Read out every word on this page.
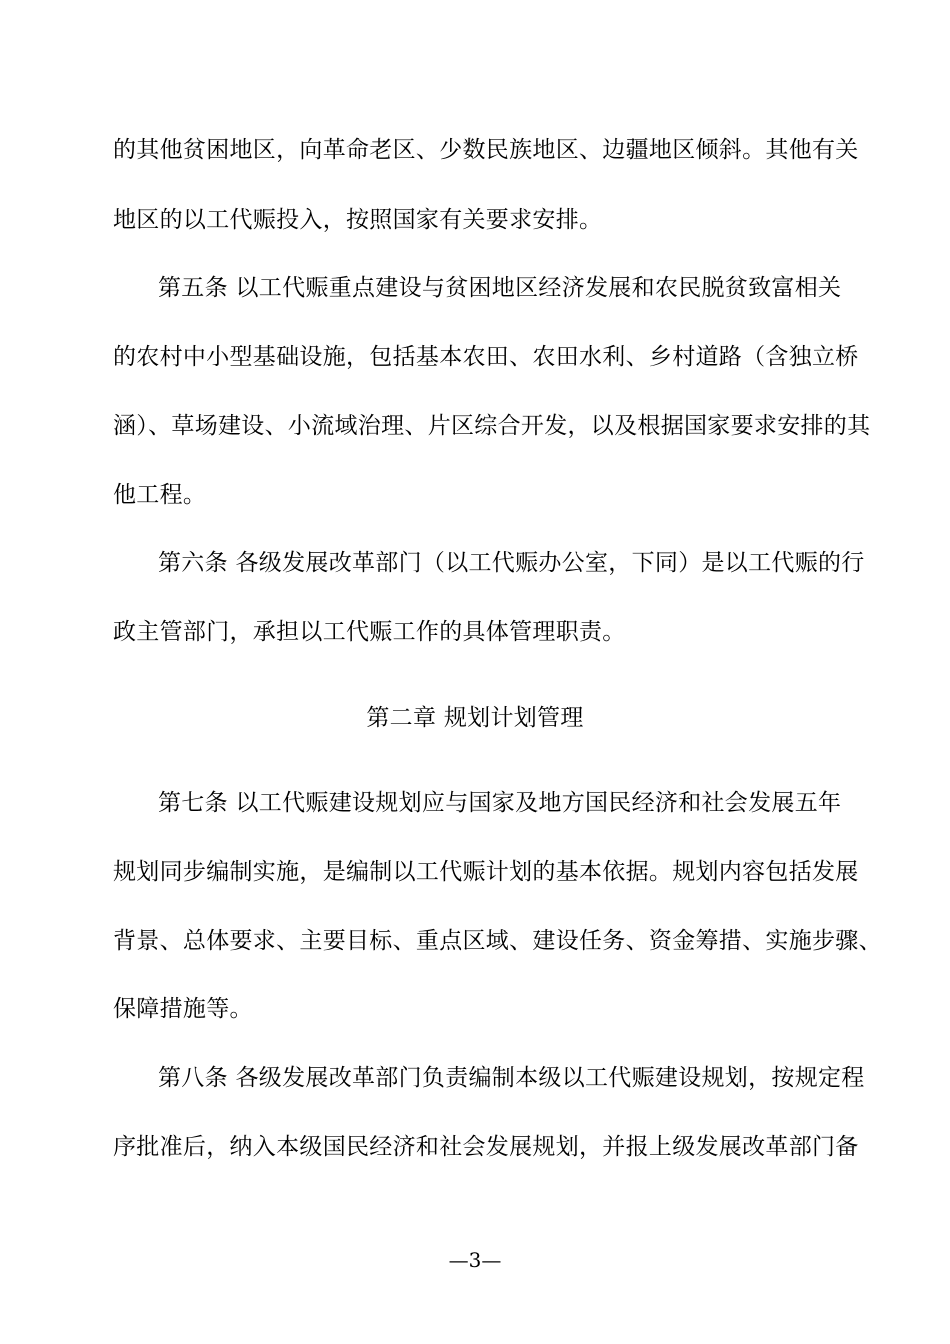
的其他贫困地区，向革命老区、少数民族地区、边疆地区倾斜。其他有关
地区的以工代赈投入，按照国家有关要求安排。
第五条 以工代赈重点建设与贫困地区经济发展和农民脱贫致富相关
的农村中小型基础设施，包括基本农田、农田水利、乡村道路（含独立桥
涵）、草场建设、小流域治理、片区综合开发，以及根据国家要求安排的其
他工程。
第六条 各级发展改革部门（以工代赈办公室，下同）是以工代赈的行
政主管部门，承担以工代赈工作的具体管理职责。
第二章 规划计划管理
第七条 以工代赈建设规划应与国家及地方国民经济和社会发展五年
规划同步编制实施，是编制以工代赈计划的基本依据。规划内容包括发展
背景、总体要求、主要目标、重点区域、建设任务、资金筹措、实施步骤、
保障措施等。
第八条 各级发展改革部门负责编制本级以工代赈建设规划，按规定程
序批准后，纳入本级国民经济和社会发展规划，并报上级发展改革部门备
—3—
